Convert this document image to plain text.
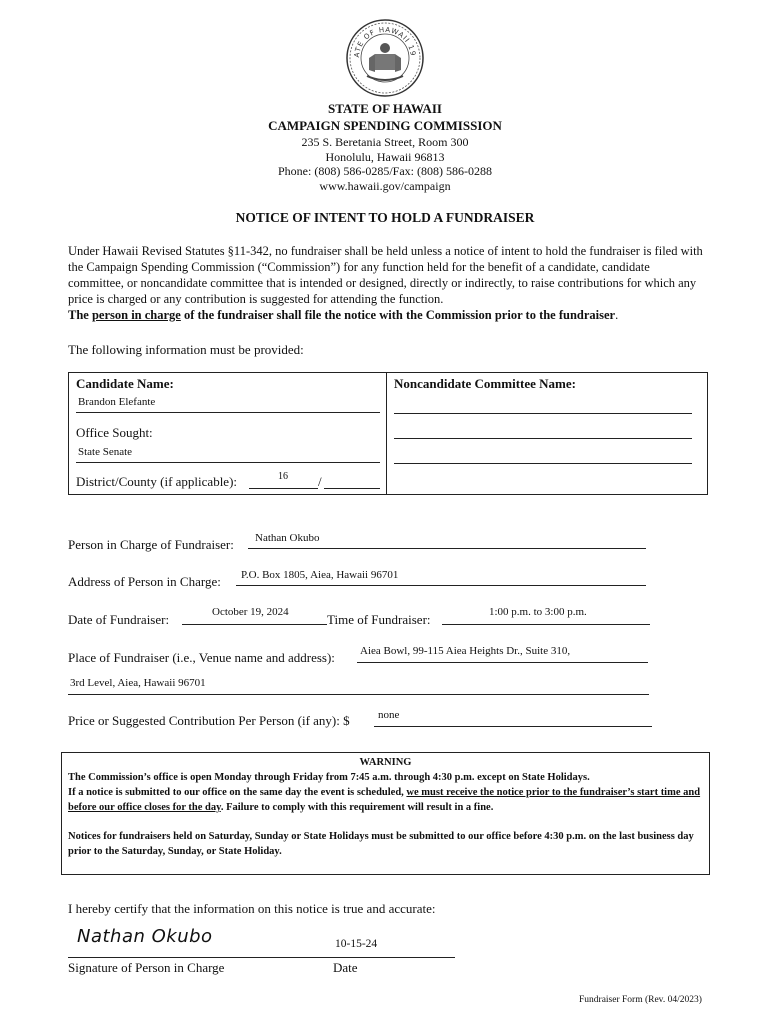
ATE OF HAWAII 19
STATE OF HAWAII
CAMPAIGN SPENDING COMMISSION
235 S. Beretania Street, Room 300
Honolulu, Hawaii 96813
Phone: (808) 586-0285/Fax: (808) 586-0288
www.hawaii.gov/campaign
NOTICE OF INTENT TO HOLD A FUNDRAISER
Under Hawaii Revised Statutes §11-342, no fundraiser shall be held unless a notice of intent to hold the fundraiser is filed with the Campaign Spending Commission (“Commission”) for any function held for the benefit of a candidate, candidate committee, or noncandidate committee that is intended or designed, directly or indirectly, to raise contributions for which any price is charged or any contribution is suggested for attending the function.
The person in charge of the fundraiser shall file the notice with the Commission prior to the fundraiser.
The following information must be provided:
Candidate Name:
Brandon Elefante
Office Sought:
State Senate
District/County (if applicable):	16 /
Noncandidate Committee Name:
Person in Charge of Fundraiser: Nathan Okubo
Address of Person in Charge: P.O. Box 1805, Aiea, Hawaii 96701
Date of Fundraiser:	October 19, 2024	Time of Fundraiser:	1:00 p.m. to 3:00 p.m.
Place of Fundraiser (i.e., Venue name and address): Aiea Bowl, 99-115 Aiea Heights Dr., Suite 310,
3rd Level, Aiea, Hawaii 96701
Price or Suggested Contribution Per Person (if any): $	none
WARNING
The Commission’s office is open Monday through Friday from 7:45 a.m. through 4:30 p.m. except on State Holidays.
If a notice is submitted to our office on the same day the event is scheduled, we must receive the notice prior to the fundraiser’s start time and before our office closes for the day. Failure to comply with this requirement will result in a fine.
Notices for fundraisers held on Saturday, Sunday or State Holidays must be submitted to our office before 4:30 p.m. on the last business day prior to the Saturday, Sunday, or State Holiday.
I hereby certify that the information on this notice is true and accurate:
Nathan Okubo	10-15-24
Signature of Person in Charge	Date
Fundraiser Form (Rev. 04/2023)
